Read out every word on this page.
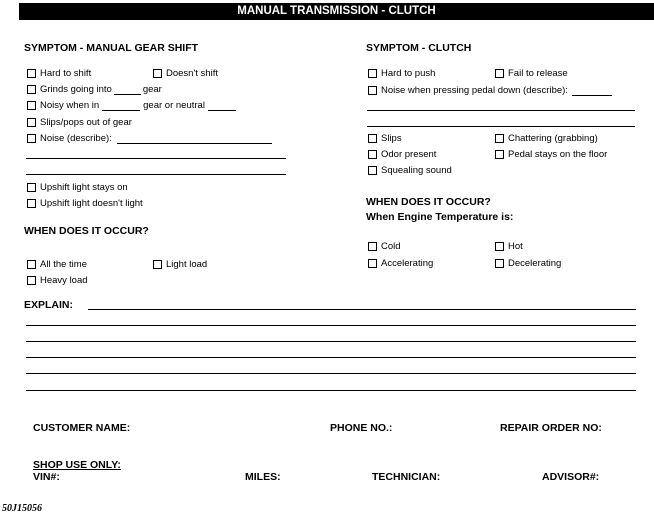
MANUAL TRANSMISSION - CLUTCH
SYMPTOM - MANUAL GEAR SHIFT
Hard to shift	Doesn't shift
Grinds going into	gear
Noisy when in	gear or neutral
Slips/pops out of gear
Noise (describe):
Upshift light stays on
Upshift light doesn't light
WHEN DOES IT OCCUR?
All the time	Light load
Heavy load
SYMPTOM - CLUTCH
Hard to push	Fail to release
Noise when pressing pedal down (describe):
Slips	Chattering (grabbing)
Odor present	Pedal stays on the floor
Squealing sound
WHEN DOES IT OCCUR?
When Engine Temperature is:
Cold	Hot
Accelerating	Decelerating
EXPLAIN:
CUSTOMER NAME:	PHONE NO.:	REPAIR ORDER NO:
SHOP USE ONLY:
VIN#:	MILES:	TECHNICIAN:	ADVISOR#:
50J15056
